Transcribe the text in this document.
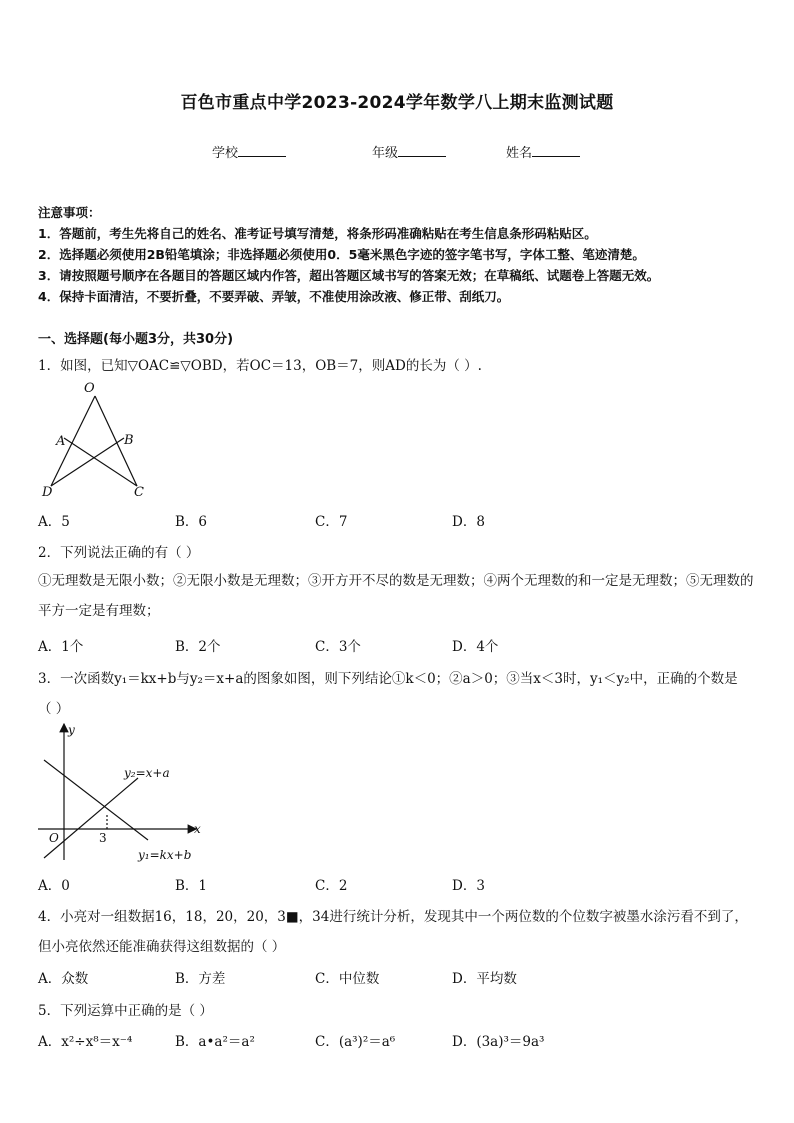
百色市重点中学2023-2024学年数学八上期末监测试题
学校	年级	姓名
注意事项：
1．答题前，考生先将自己的姓名、准考证号填写清楚，将条形码准确粘贴在考生信息条形码粘贴区。
2．选择题必须使用2B铅笔填涂；非选择题必须使用0．5毫米黑色字迹的签字笔书写，字体工整、笔迹清楚。
3．请按照题号顺序在各题目的答题区域内作答，超出答题区域书写的答案无效；在草稿纸、试题卷上答题无效。
4．保持卡面清洁，不要折叠，不要弄破、弄皱，不准使用涂改液、修正带、刮纸刀。
一、选择题(每小题3分，共30分)
1．如图，已知▽OAC≌▽OBD，若OC＝13，OB＝7，则AD的长为（ ）.
O
A	B
D	C
A．5	B．6	C．7	D．8
2．下列说法正确的有（ ）
①无理数是无限小数；②无限小数是无理数；③开方开不尽的数是无理数；④两个无理数的和一定是无理数；⑤无理数的平方一定是有理数；
A．1个	B．2个	C．3个	D．4个
3．一次函数y₁＝kx+b与y₂＝x+a的图象如图，则下列结论①k＜0；②a＞0；③当x＜3时，y₁＜y₂中，正确的个数是
（ ）
y
x
O	3
y₂=x+a
y₁=kx+b
A．0	B．1	C．2	D．3
4．小亮对一组数据16，18，20，20，3■，34进行统计分析，发现其中一个两位数的个位数字被墨水涂污看不到了，
但小亮依然还能准确获得这组数据的（ ）
A．众数	B．方差	C．中位数	D．平均数
5．下列运算中正确的是（ ）
A．x²÷x⁸＝x⁻⁴	B．a•a²＝a²	C．(a³)²＝a⁶	D．(3a)³＝9a³
